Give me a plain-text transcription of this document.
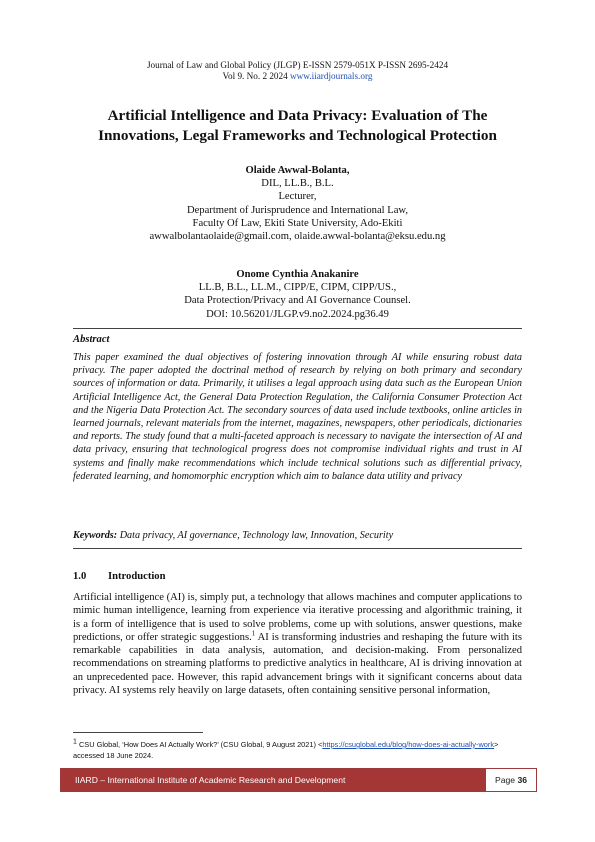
Journal of Law and Global Policy (JLGP) E-ISSN 2579-051X P-ISSN 2695-2424
Vol 9. No. 2 2024 www.iiardjournals.org
Artificial Intelligence and Data Privacy: Evaluation of The
Innovations, Legal Frameworks and Technological Protection
Olaide Awwal-Bolanta,
DIL, LL.B., B.L.
Lecturer,
Department of Jurisprudence and International Law,
Faculty Of Law, Ekiti State University, Ado-Ekiti
awwalbolantaolaide@gmail.com, olaide.awwal-bolanta@eksu.edu.ng
Onome Cynthia Anakanire
LL.B, B.L., LL.M., CIPP/E, CIPM, CIPP/US.,
Data Protection/Privacy and AI Governance Counsel.
DOI: 10.56201/JLGP.v9.no2.2024.pg36.49
Abstract
This paper examined the dual objectives of fostering innovation through AI while ensuring robust data privacy. The paper adopted the doctrinal method of research by relying on both primary and secondary sources of information or data. Primarily, it utilises a legal approach using data such as the European Union Artificial Intelligence Act, the General Data Protection Regulation, the California Consumer Protection Act and the Nigeria Data Protection Act. The secondary sources of data used include textbooks, online articles in learned journals, relevant materials from the internet, magazines, newspapers, other periodicals, dictionaries and reports. The study found that a multi-faceted approach is necessary to navigate the intersection of AI and data privacy, ensuring that technological progress does not compromise individual rights and trust in AI systems and finally make recommendations which include technical solutions such as differential privacy, federated learning, and homomorphic encryption which aim to balance data utility and privacy
Keywords: Data privacy, AI governance, Technology law, Innovation, Security
1.0 Introduction
Artificial intelligence (AI) is, simply put, a technology that allows machines and computer applications to mimic human intelligence, learning from experience via iterative processing and algorithmic training, it is a form of intelligence that is used to solve problems, come up with solutions, answer questions, make predictions, or offer strategic suggestions.$^1$ AI is transforming industries and reshaping the future with its remarkable capabilities in data analysis, automation, and decision-making. From personalized recommendations on streaming platforms to predictive analytics in healthcare, AI is driving innovation at an unprecedented pace. However, this rapid advancement brings with it significant concerns about data privacy. AI systems rely heavily on large datasets, often containing sensitive personal information,
$^1$ CSU Global, ‘How Does AI Actually Work?’ (CSU Global, 9 August 2021) <https://csuglobal.edu/blog/how-does-ai-actually-work> accessed 18 June 2024.
IIARD – International Institute of Academic Research and Development	Page 36
